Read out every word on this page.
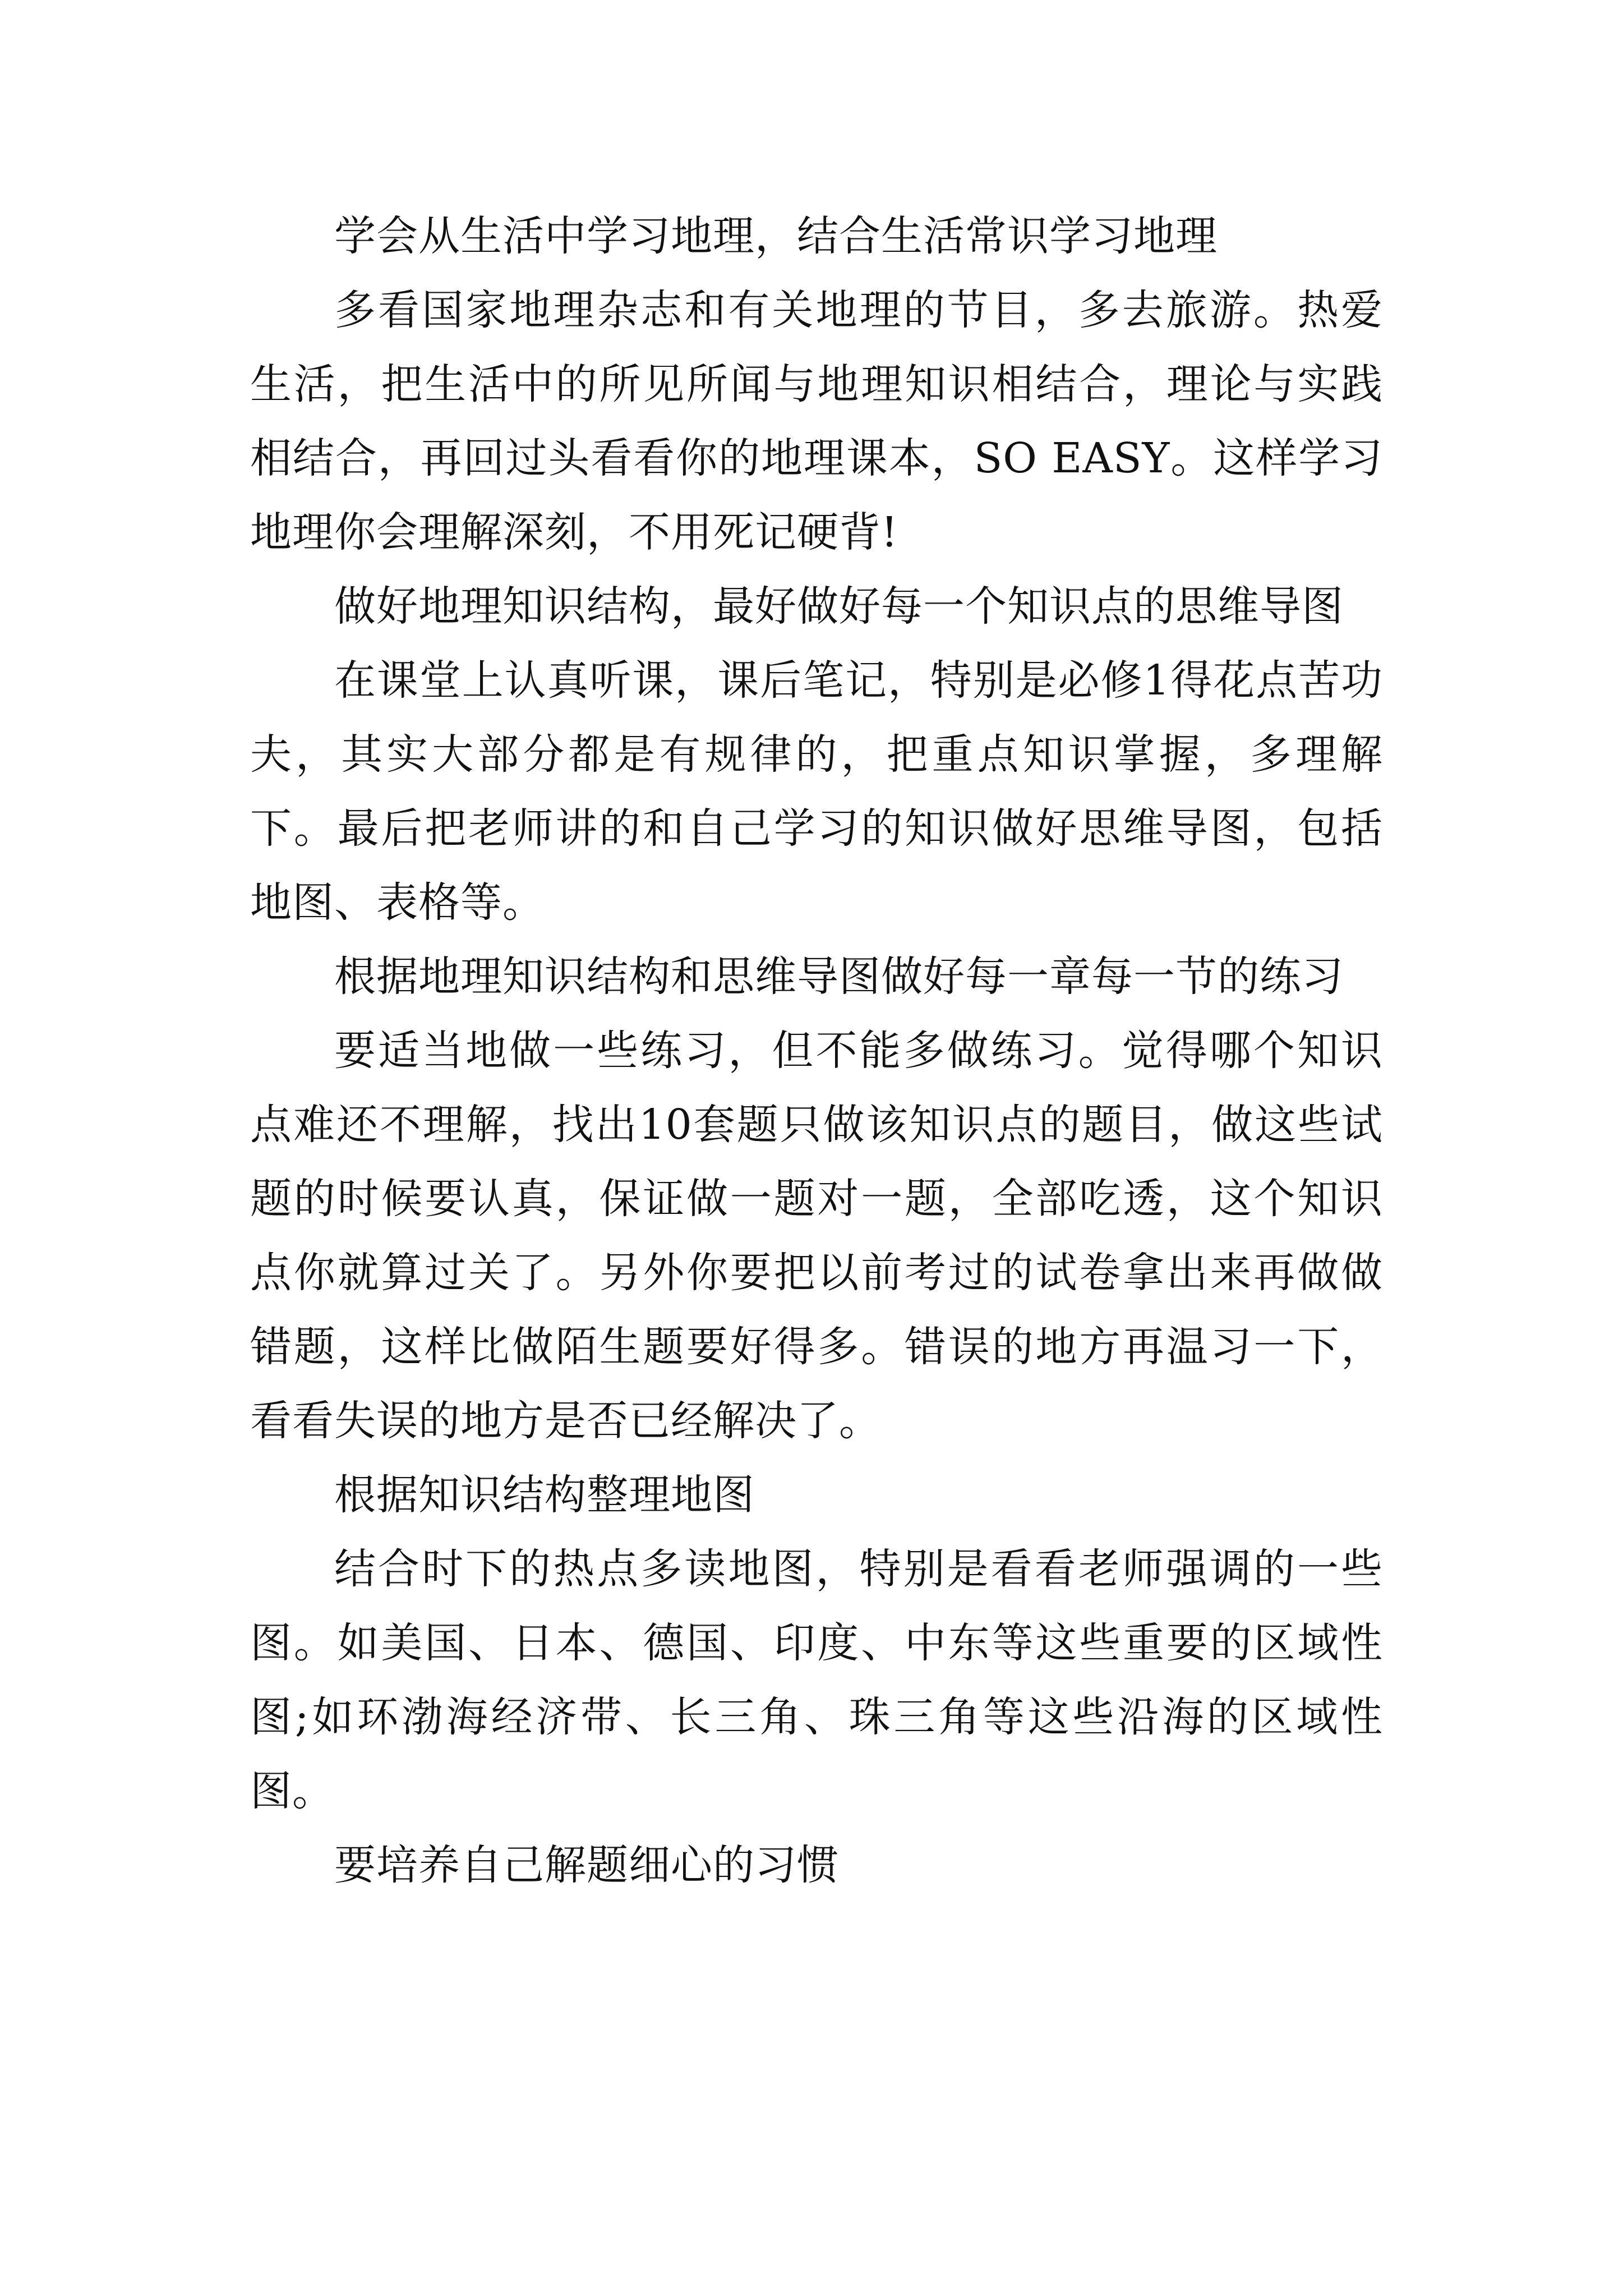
学会从生活中学习地理，结合生活常识学习地理

多看国家地理杂志和有关地理的节目，多去旅游。热爱生活，把生活中的所见所闻与地理知识相结合，理论与实践相结合，再回过头看看你的地理课本，SO EASY。这样学习地理你会理解深刻，不用死记硬背!

做好地理知识结构，最好做好每一个知识点的思维导图

在课堂上认真听课，课后笔记，特别是必修1得花点苦功夫，其实大部分都是有规律的，把重点知识掌握，多理解下。最后把老师讲的和自己学习的知识做好思维导图，包括地图、表格等。

根据地理知识结构和思维导图做好每一章每一节的练习

要适当地做一些练习，但不能多做练习。觉得哪个知识点难还不理解，找出10套题只做该知识点的题目，做这些试题的时候要认真，保证做一题对一题，全部吃透，这个知识点你就算过关了。另外你要把以前考过的试卷拿出来再做做错题，这样比做陌生题要好得多。错误的地方再温习一下，看看失误的地方是否已经解决了。

根据知识结构整理地图

结合时下的热点多读地图，特别是看看老师强调的一些图。如美国、日本、德国、印度、中东等这些重要的区域性图;如环渤海经济带、长三角、珠三角等这些沿海的区域性图。

要培养自己解题细心的习惯
